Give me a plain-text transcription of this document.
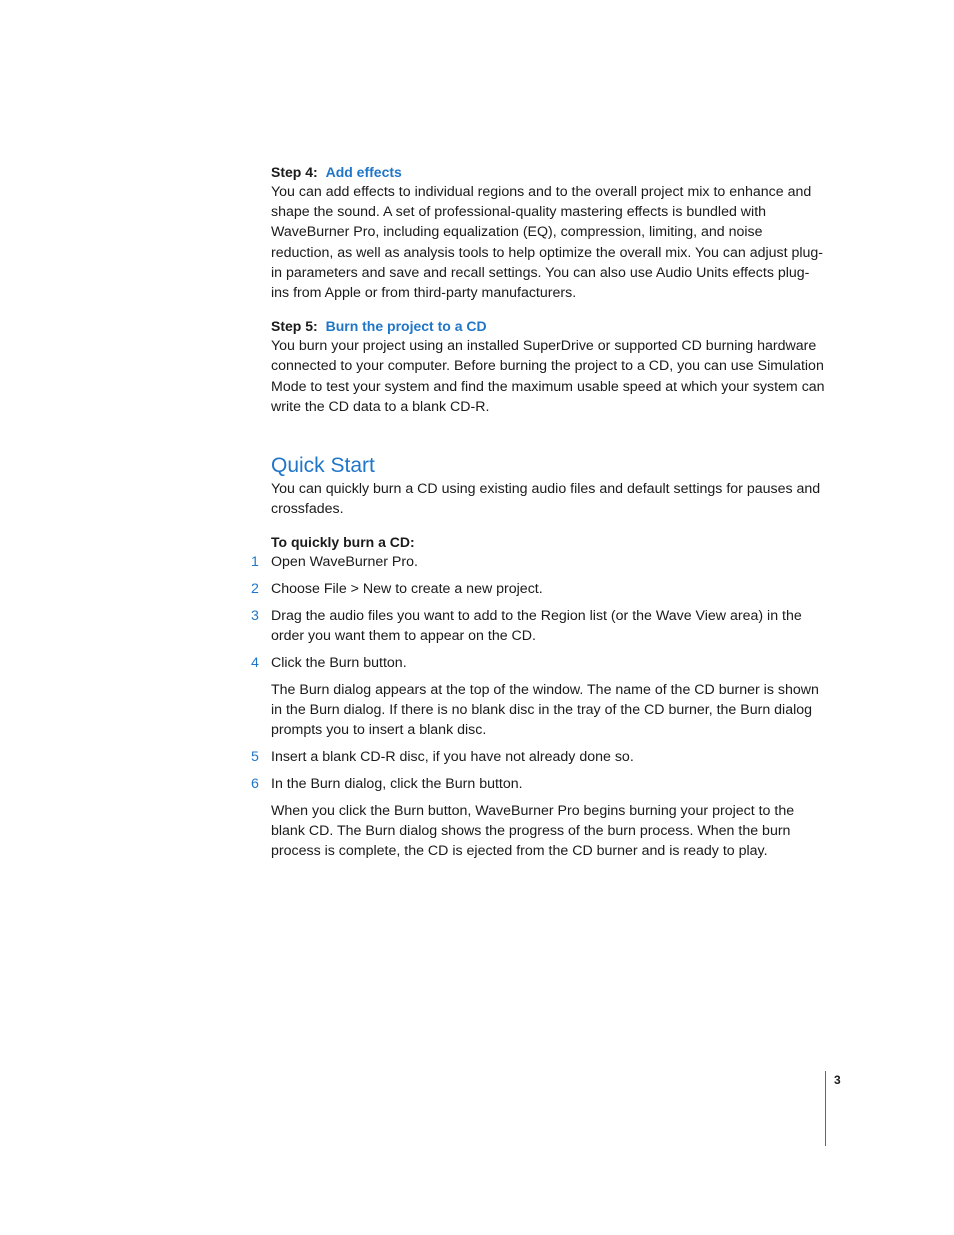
Step 4: Add effects

You can add effects to individual regions and to the overall project mix to enhance and shape the sound. A set of professional-quality mastering effects is bundled with WaveBurner Pro, including equalization (EQ), compression, limiting, and noise reduction, as well as analysis tools to help optimize the overall mix. You can adjust plug-in parameters and save and recall settings. You can also use Audio Units effects plug-ins from Apple or from third-party manufacturers.

Step 5: Burn the project to a CD

You burn your project using an installed SuperDrive or supported CD burning hardware connected to your computer. Before burning the project to a CD, you can use Simulation Mode to test your system and find the maximum usable speed at which your system can write the CD data to a blank CD-R.

Quick Start

You can quickly burn a CD using existing audio files and default settings for pauses and crossfades.

To quickly burn a CD:
1 Open WaveBurner Pro.
2 Choose File > New to create a new project.
3 Drag the audio files you want to add to the Region list (or the Wave View area) in the order you want them to appear on the CD.
4 Click the Burn button.

The Burn dialog appears at the top of the window. The name of the CD burner is shown in the Burn dialog. If there is no blank disc in the tray of the CD burner, the Burn dialog prompts you to insert a blank disc.

5 Insert a blank CD-R disc, if you have not already done so.
6 In the Burn dialog, click the Burn button.

When you click the Burn button, WaveBurner Pro begins burning your project to the blank CD. The Burn dialog shows the progress of the burn process. When the burn process is complete, the CD is ejected from the CD burner and is ready to play.

3
